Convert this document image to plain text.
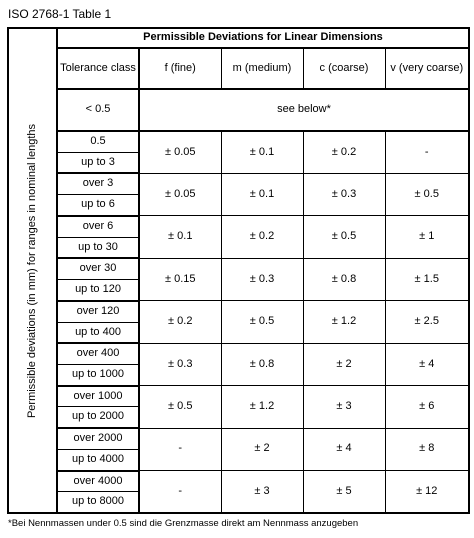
ISO 2768-1 Table 1
Permissible deviations (in mm) for ranges in nominal lengths	Permissible Deviations for Linear Dimensions				
	Tolerance class	f (fine)	m (medium)	c (coarse)	v (very coarse)
	< 0.5	see below*			
	0.5	± 0.05	± 0.1	± 0.2	-
	up to 3				
	over 3	± 0.05	± 0.1	± 0.3	± 0.5
	up to 6				
	over 6	± 0.1	± 0.2	± 0.5	± 1
	up to 30				
	over 30	± 0.15	± 0.3	± 0.8	± 1.5
	up to 120				
	over 120	± 0.2	± 0.5	± 1.2	± 2.5
	up to 400				
	over 400	± 0.3	± 0.8	± 2	± 4
	up to 1000				
	over 1000	± 0.5	± 1.2	± 3	± 6
	up to 2000				
	over 2000	-	± 2	± 4	± 8
	up to 4000				
	over 4000	-	± 3	± 5	± 12
	up to 8000				
*Bei Nennmassen under 0.5 sind die Grenzmasse direkt am Nennmass anzugeben
